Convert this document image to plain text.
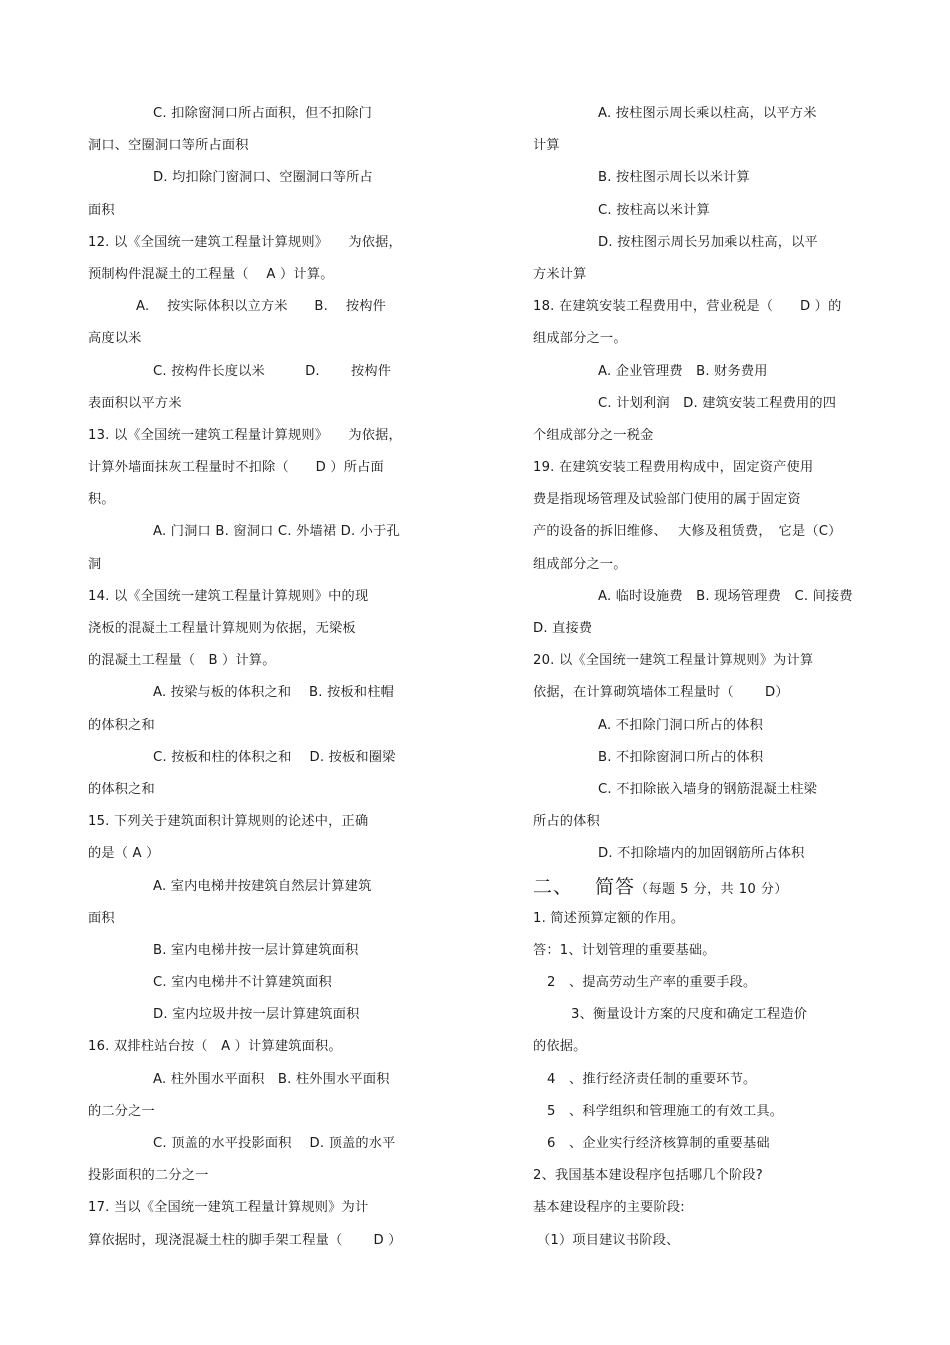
C. 扣除窗洞口所占面积，但不扣除门
洞口、空圈洞口等所占面积
D. 均扣除门窗洞口、空圈洞口等所占
面积
12. 以《全国统一建筑工程量计算规则》　　为依据，
预制构件混凝土的工程量（　 A ）计算。
A.　 按实际体积以立方米　　B.　 按构件
高度以米
C. 按构件长度以米　　　D.　　 按构件
表面积以平方米
13. 以《全国统一建筑工程量计算规则》　　为依据，
计算外墙面抹灰工程量时不扣除（　　D ）所占面
积。
A. 门洞口 B. 窗洞口 C. 外墙裙 D. 小于孔
洞
14. 以《全国统一建筑工程量计算规则》中的现
浇板的混凝土工程量计算规则为依据，无梁板
的混凝土工程量（　B ）计算。
A. 按梁与板的体积之和　 B. 按板和柱帽
的体积之和
C. 按板和柱的体积之和　 D. 按板和圈梁
的体积之和
15. 下列关于建筑面积计算规则的论述中，正确
的是（ A ）
A. 室内电梯井按建筑自然层计算建筑
面积
B. 室内电梯井按一层计算建筑面积
C. 室内电梯井不计算建筑面积
D. 室内垃圾井按一层计算建筑面积
16. 双排柱站台按（　A ）计算建筑面积。
A. 柱外围水平面积　B. 柱外围水平面积
的二分之一
C. 顶盖的水平投影面积　 D. 顶盖的水平
投影面积的二分之一
17. 当以《全国统一建筑工程量计算规则》为计
算依据时，现浇混凝土柱的脚手架工程量（　　 D ）
A. 按柱图示周长乘以柱高，以平方米
计算
B. 按柱图示周长以米计算
C. 按柱高以米计算
D. 按柱图示周长另加乘以柱高，以平
方米计算
18. 在建筑安装工程费用中，营业税是（　　D ）的
组成部分之一。
A. 企业管理费　B. 财务费用
C. 计划利润　D. 建筑安装工程费用的四
个组成部分之一税金
19. 在建筑安装工程费用构成中，固定资产使用
费是指现场管理及试验部门使用的属于固定资
产的设备的拆旧维修、　 大修及租赁费，　它是（C）
组成部分之一。
A. 临时设施费　B. 现场管理费　C. 间接费
D. 直接费
20. 以《全国统一建筑工程量计算规则》为计算
依据，在计算砌筑墙体工程量时（　　 D）
A. 不扣除门洞口所占的体积
B. 不扣除窗洞口所占的体积
C. 不扣除嵌入墙身的钢筋混凝土柱梁
所占的体积
D. 不扣除墙内的加固钢筋所占体积
二、 简答（每题 5 分，共 10 分）
1. 简述预算定额的作用。
答：1、计划管理的重要基础。
2　、提高劳动生产率的重要手段。
3、衡量设计方案的尺度和确定工程造价
的依据。
4　、推行经济责任制的重要环节。
5　、科学组织和管理施工的有效工具。
6　、企业实行经济核算制的重要基础
2、我国基本建设程序包括哪几个阶段?
基本建设程序的主要阶段:
（1）项目建议书阶段、
